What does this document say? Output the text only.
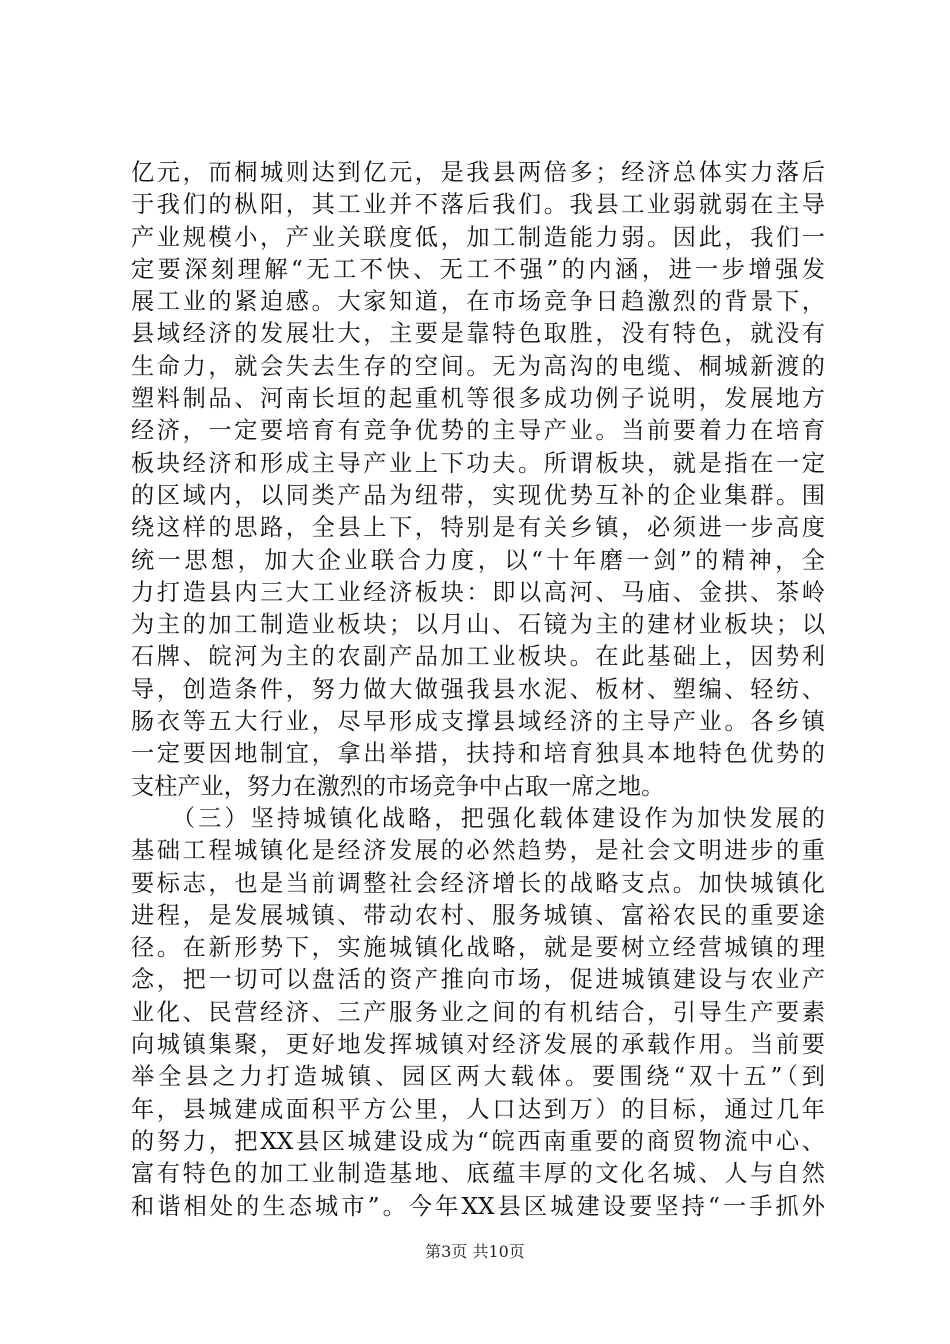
亿元，而桐城则达到亿元，是我县两倍多；经济总体实力落后
于我们的枞阳，其工业并不落后我们。我县工业弱就弱在主导
产业规模小，产业关联度低，加工制造能力弱。因此，我们一
定要深刻理解“无工不快、无工不强”的内涵，进一步增强发
展工业的紧迫感。大家知道，在市场竞争日趋激烈的背景下，
县域经济的发展壮大，主要是靠特色取胜，没有特色，就没有
生命力，就会失去生存的空间。无为高沟的电缆、桐城新渡的
塑料制品、河南长垣的起重机等很多成功例子说明，发展地方
经济，一定要培育有竞争优势的主导产业。当前要着力在培育
板块经济和形成主导产业上下功夫。所谓板块，就是指在一定
的区域内，以同类产品为纽带，实现优势互补的企业集群。围
绕这样的思路，全县上下，特别是有关乡镇，必须进一步高度
统一思想，加大企业联合力度，以“十年磨一剑”的精神，全
力打造县内三大工业经济板块：即以高河、马庙、金拱、茶岭
为主的加工制造业板块；以月山、石镜为主的建材业板块；以
石牌、皖河为主的农副产品加工业板块。在此基础上，因势利
导，创造条件，努力做大做强我县水泥、板材、塑编、轻纺、
肠衣等五大行业，尽早形成支撑县域经济的主导产业。各乡镇
一定要因地制宜，拿出举措，扶持和培育独具本地特色优势的
支柱产业，努力在激烈的市场竞争中占取一席之地。
　　（三）坚持城镇化战略，把强化载体建设作为加快发展的
基础工程城镇化是经济发展的必然趋势，是社会文明进步的重
要标志，也是当前调整社会经济增长的战略支点。加快城镇化
进程，是发展城镇、带动农村、服务城镇、富裕农民的重要途
径。在新形势下，实施城镇化战略，就是要树立经营城镇的理
念，把一切可以盘活的资产推向市场，促进城镇建设与农业产
业化、民营经济、三产服务业之间的有机结合，引导生产要素
向城镇集聚，更好地发挥城镇对经济发展的承载作用。当前要
举全县之力打造城镇、园区两大载体。要围绕“双十五”（到
年，县城建成面积平方公里，人口达到万）的目标，通过几年
的努力，把XX县区城建设成为“皖西南重要的商贸物流中心、
富有特色的加工业制造基地、底蕴丰厚的文化名城、人与自然
和谐相处的生态城市”。今年XX县区城建设要坚持“一手抓外
第3页 共10页
